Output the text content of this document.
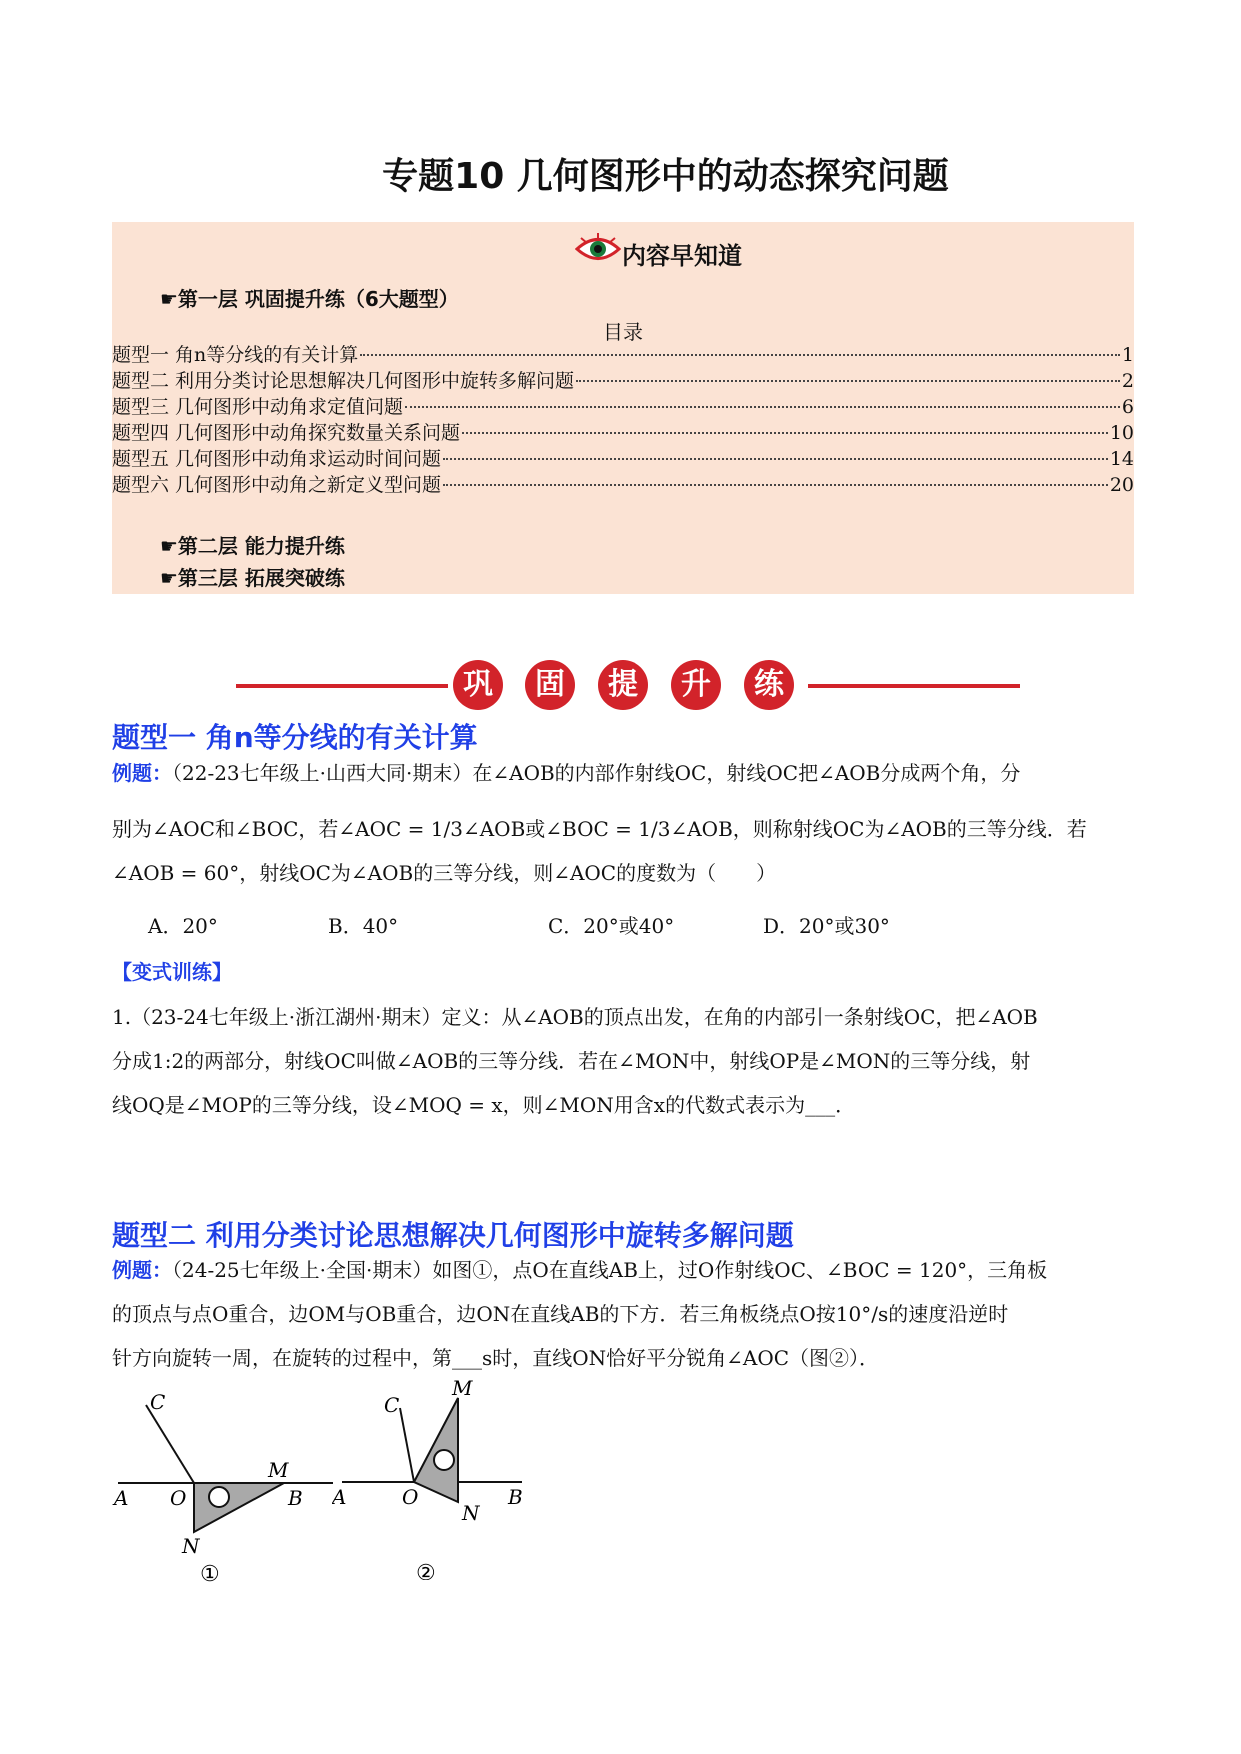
专题10 几何图形中的动态探究问题
内容早知道
☛第一层 巩固提升练（6大题型）
目录
题型一 角n等分线的有关计算	1
题型二 利用分类讨论思想解决几何图形中旋转多解问题	2
题型三 几何图形中动角求定值问题	6
题型四 几何图形中动角探究数量关系问题	10
题型五 几何图形中动角求运动时间问题	14
题型六 几何图形中动角之新定义型问题	20
☛第二层 能力提升练
☛第三层 拓展突破练
巩	固	提	升	练
题型一 角n等分线的有关计算
例题：（22-23七年级上·山西大同·期末）在∠AOB的内部作射线OC，射线OC把∠AOB分成两个角，分
别为∠AOC和∠BOC，若∠AOC = 1/3∠AOB或∠BOC = 1/3∠AOB，则称射线OC为∠AOB的三等分线．若
∠AOB = 60°，射线OC为∠AOB的三等分线，则∠AOC的度数为（　　）
A．20°	B．40°	C．20°或40°	D．20°或30°
【变式训练】
1.（23-24七年级上·浙江湖州·期末）定义：从∠AOB的顶点出发，在角的内部引一条射线OC，把∠AOB
分成1:2的两部分，射线OC叫做∠AOB的三等分线．若在∠MON中，射线OP是∠MON的三等分线，射
线OQ是∠MOP的三等分线，设∠MOQ = x，则∠MON用含x的代数式表示为___．
题型二 利用分类讨论思想解决几何图形中旋转多解问题
例题：（24-25七年级上·全国·期末）如图①，点O在直线AB上，过O作射线OC、∠BOC = 120°，三角板
的顶点与点O重合，边OM与OB重合，边ON在直线AB的下方．若三角板绕点O按10°/s的速度沿逆时
针方向旋转一周，在旋转的过程中，第___s时，直线ON恰好平分锐角∠AOC（图②）．
C
M
A O	B
N
①
C
M
A	O	B
N
②
